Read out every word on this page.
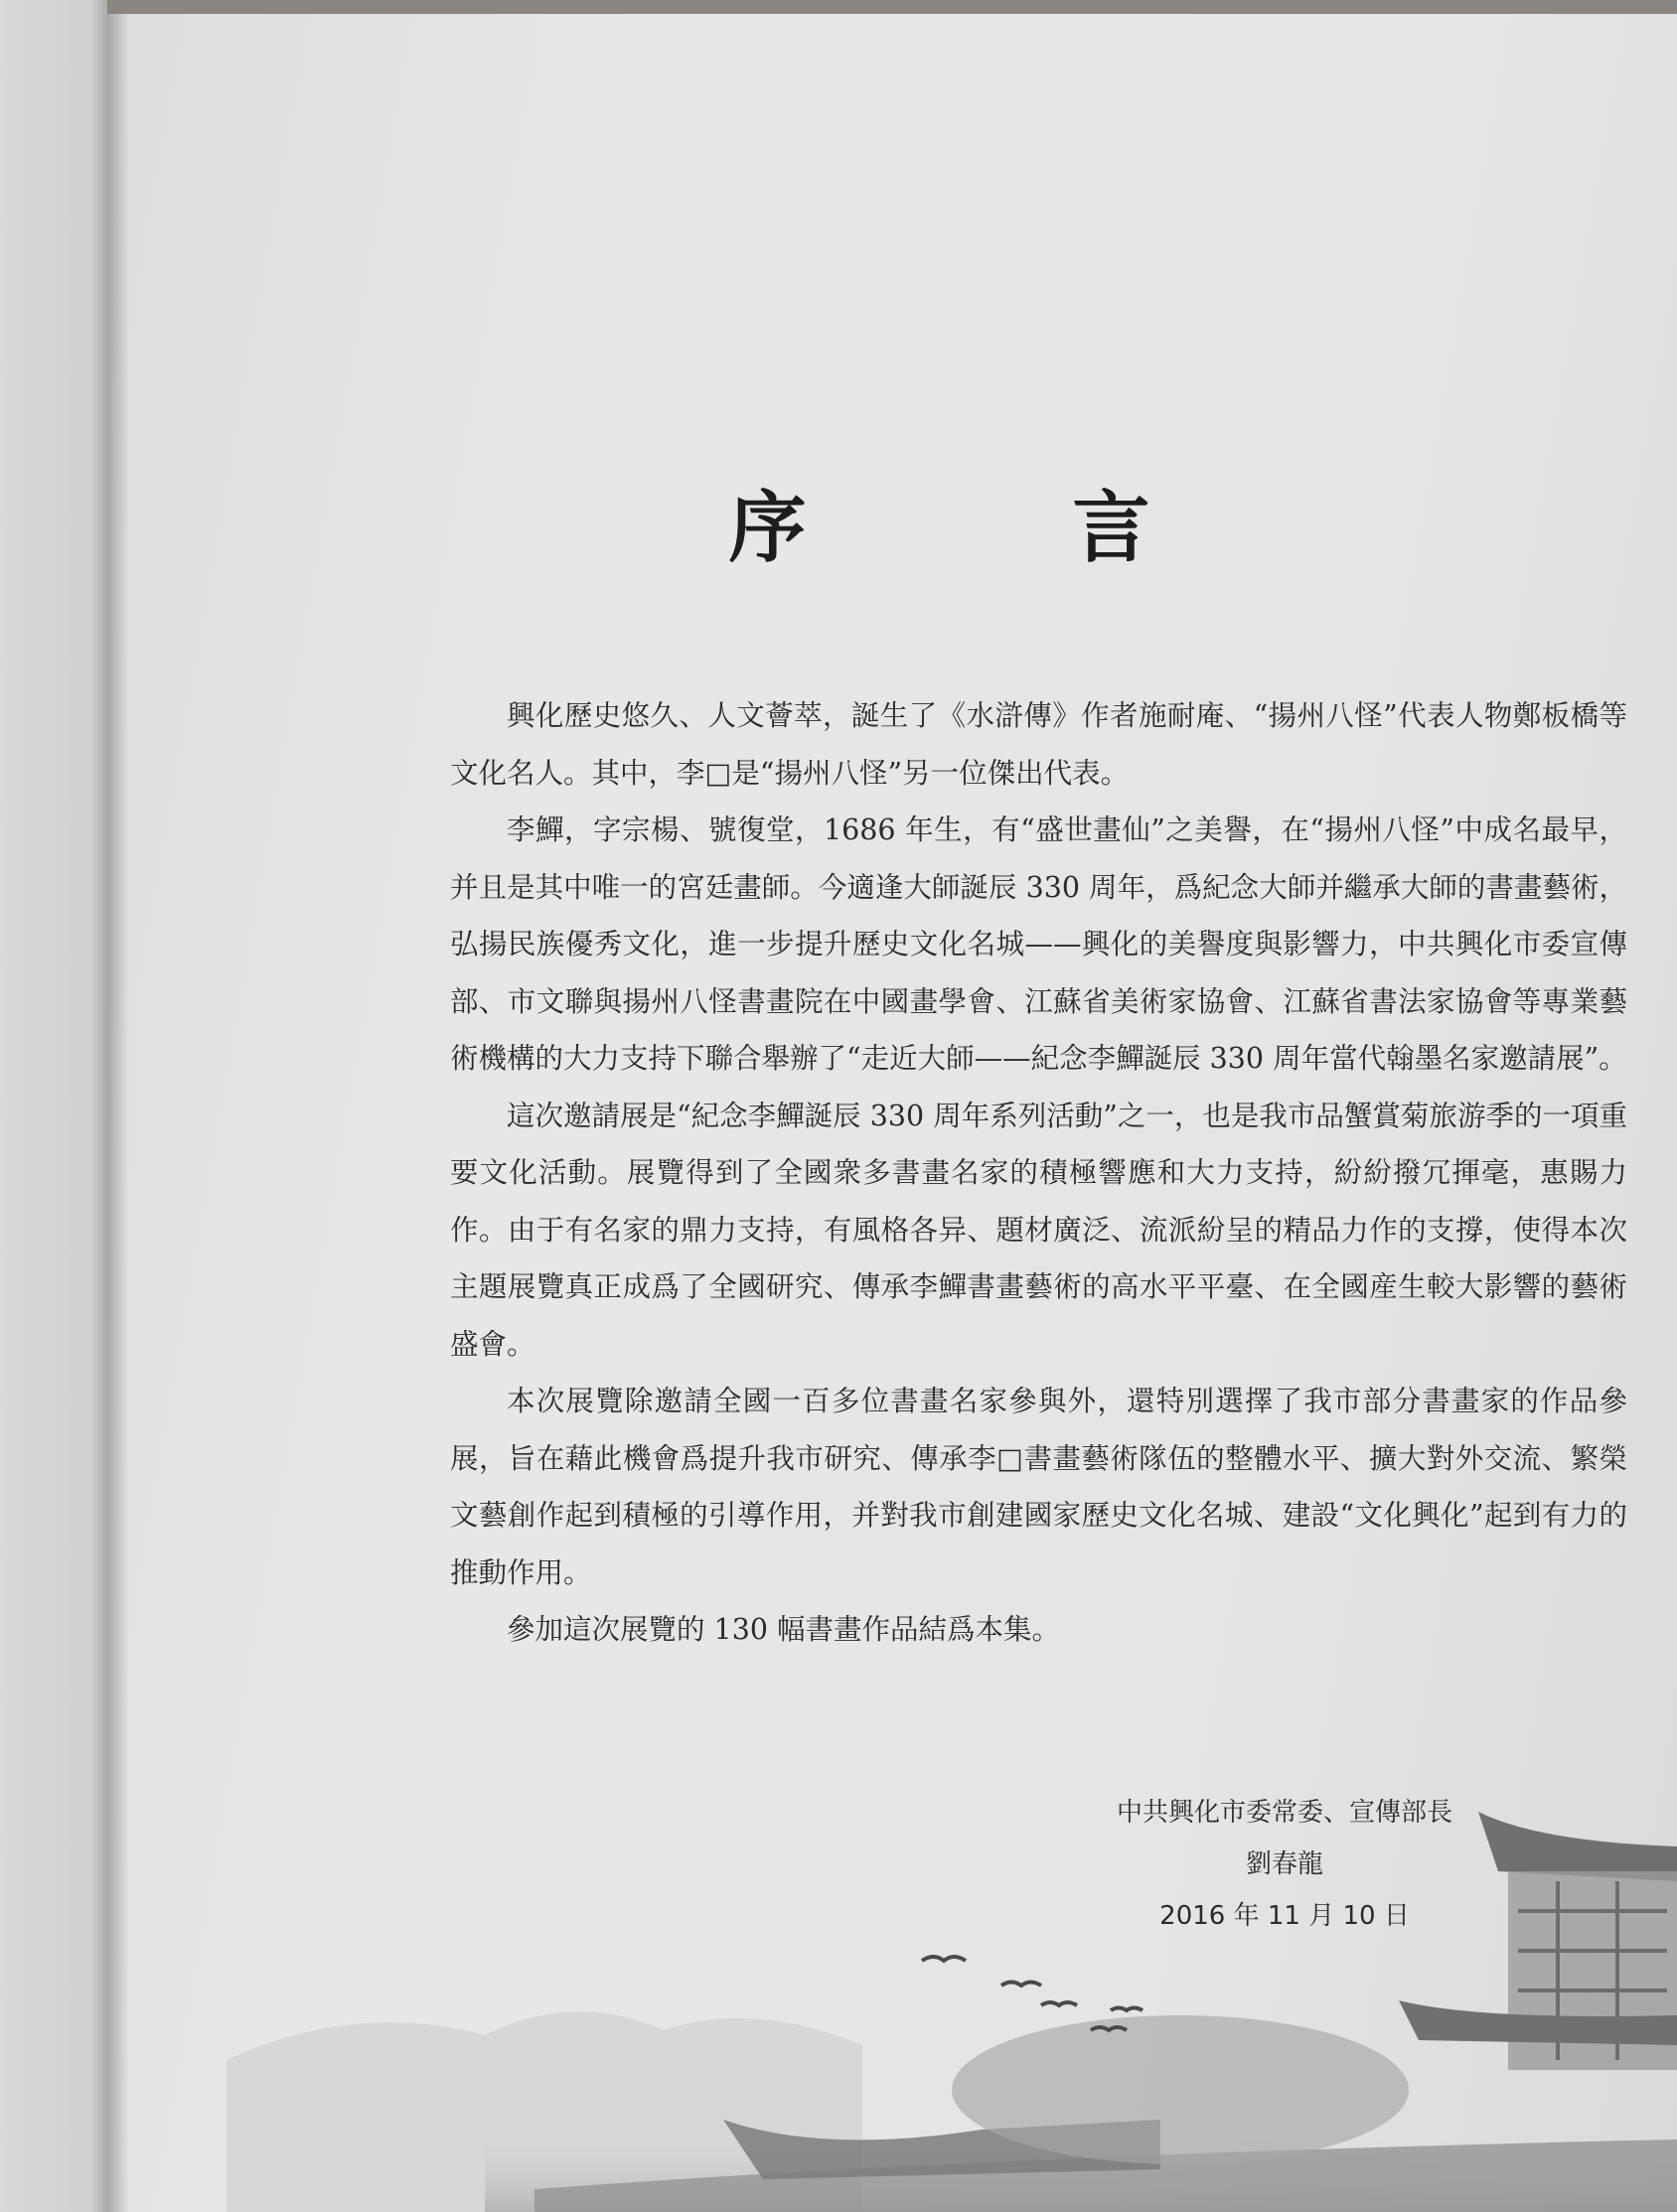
序　言

興化歷史悠久、人文薈萃，誕生了《水滸傳》作者施耐庵、“揚州八怪”代表人物鄭板橋等文化名人。其中，李□是“揚州八怪”另一位傑出代表。

李鱓，字宗楊、號復堂，1686 年生，有“盛世畫仙”之美譽，在“揚州八怪”中成名最早，并且是其中唯一的宮廷畫師。今適逢大師誕辰 330 周年，爲紀念大師并繼承大師的書畫藝術，弘揚民族優秀文化，進一步提升歷史文化名城——興化的美譽度與影響力，中共興化市委宣傳部、市文聯與揚州八怪書畫院在中國畫學會、江蘇省美術家協會、江蘇省書法家協會等專業藝術機構的大力支持下聯合舉辦了“走近大師——紀念李鱓誕辰 330 周年當代翰墨名家邀請展”。

這次邀請展是“紀念李鱓誕辰 330 周年系列活動”之一，也是我市品蟹賞菊旅游季的一項重要文化活動。展覽得到了全國衆多書畫名家的積極響應和大力支持，紛紛撥冗揮毫，惠賜力作。由于有名家的鼎力支持，有風格各异、題材廣泛、流派紛呈的精品力作的支撐，使得本次主題展覽真正成爲了全國研究、傳承李鱓書畫藝術的高水平平臺、在全國産生較大影響的藝術盛會。

本次展覽除邀請全國一百多位書畫名家參與外，還特別選擇了我市部分書畫家的作品參展，旨在藉此機會爲提升我市研究、傳承李□書畫藝術隊伍的整體水平、擴大對外交流、繁榮文藝創作起到積極的引導作用，并對我市創建國家歷史文化名城、建設“文化興化”起到有力的推動作用。

參加這次展覽的 130 幅書畫作品結爲本集。

中共興化市委常委、宣傳部長
劉春龍
2016 年 11 月 10 日
